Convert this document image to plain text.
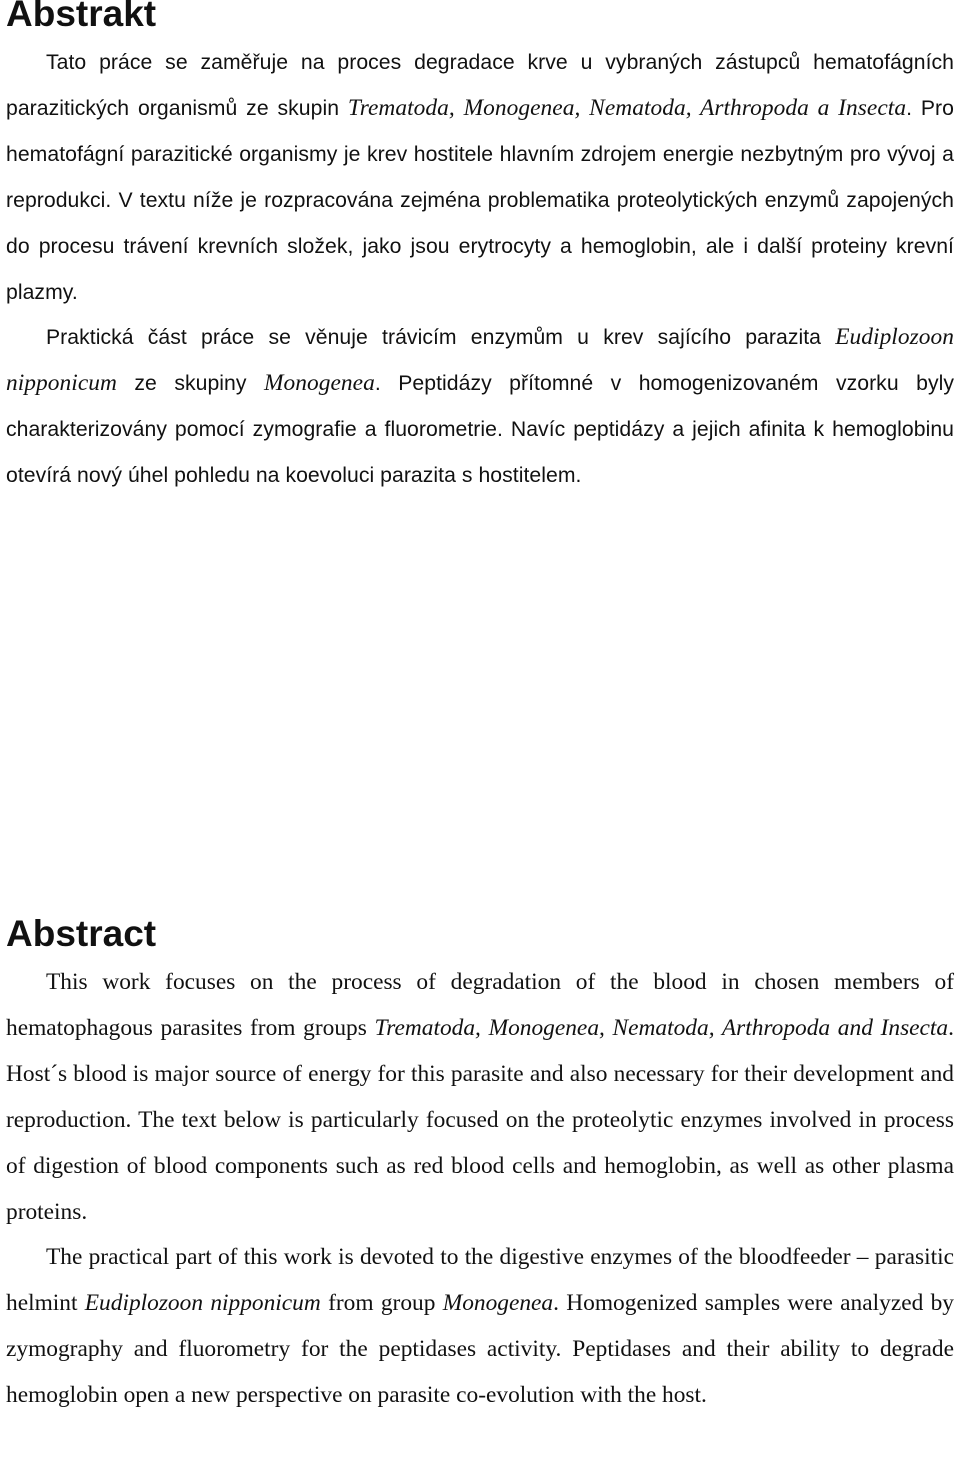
Abstrakt

Tato práce se zaměřuje na proces degradace krve u vybraných zástupců hematofágních parazitických organismů ze skupin Trematoda, Monogenea, Nematoda, Arthropoda a Insecta. Pro hematofágní parazitické organismy je krev hostitele hlavním zdrojem energie nezbytným pro vývoj a reprodukci. V textu níže je rozpracována zejména problematika proteolytických enzymů zapojených do procesu trávení krevních složek, jako jsou erytrocyty a hemoglobin, ale i další proteiny krevní plazmy.

Praktická část práce se věnuje trávicím enzymům u krev sajícího parazita Eudiplozoon nipponicum ze skupiny Monogenea. Peptidázy přítomné v homogenizovaném vzorku byly charakterizovány pomocí zymografie a fluorometrie. Navíc peptidázy a jejich afinita k hemoglobinu otevírá nový úhel pohledu na koevoluci parazita s hostitelem.

Abstract

This work focuses on the process of degradation of the blood in chosen members of hematophagous parasites from groups Trematoda, Monogenea, Nematoda, Arthropoda and Insecta. Host´s blood is major source of energy for this parasite and also necessary for their development and reproduction. The text below is particularly focused on the proteolytic enzymes involved in process of digestion of blood components such as red blood cells and hemoglobin, as well as other plasma proteins.

The practical part of this work is devoted to the digestive enzymes of the bloodfeeder – parasitic helmint Eudiplozoon nipponicum from group Monogenea. Homogenized samples were analyzed by zymography and fluorometry for the peptidases activity. Peptidases and their ability to degrade hemoglobin open a new perspective on parasite co-evolution with the host.
